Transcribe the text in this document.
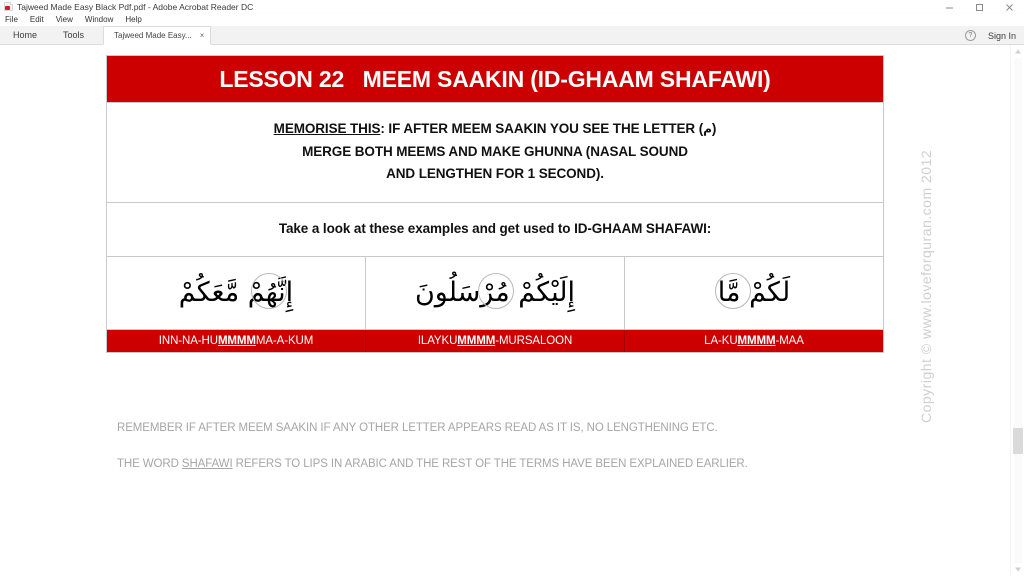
Tajweed Made Easy Black Pdf.pdf - Adobe Acrobat Reader DC
File	Edit	View	Window	Help
Home	Tools	Tajweed Made Easy... ×	?	Sign In
LESSON 22   MEEM SAAKIN (ID-GHAAM SHAFAWI)
MEMORISE THIS: IF AFTER MEEM SAAKIN YOU SEE THE LETTER (م)
MERGE BOTH MEEMS AND MAKE GHUNNA (NASAL SOUND
AND LENGTHEN FOR 1 SECOND).
Take a look at these examples and get used to ID-GHAAM SHAFAWI:
إِنَّهُمْ مَّعَكُمْ	إِلَيْكُمْ مُرْسَلُونَ	لَكُمْ مَّا
INN-NA-HU MMMM MA-A-KUM	ILAYKU MMMM -MURSALOON	LA-KU MMMM -MAA	Copyright © www.loveforquran.com 2012
REMEMBER IF AFTER MEEM SAAKIN IF ANY OTHER LETTER APPEARS READ AS IT IS, NO LENGTHENING ETC.
THE WORD SHAFAWI REFERS TO LIPS IN ARABIC AND THE REST OF THE TERMS HAVE BEEN EXPLAINED EARLIER.
